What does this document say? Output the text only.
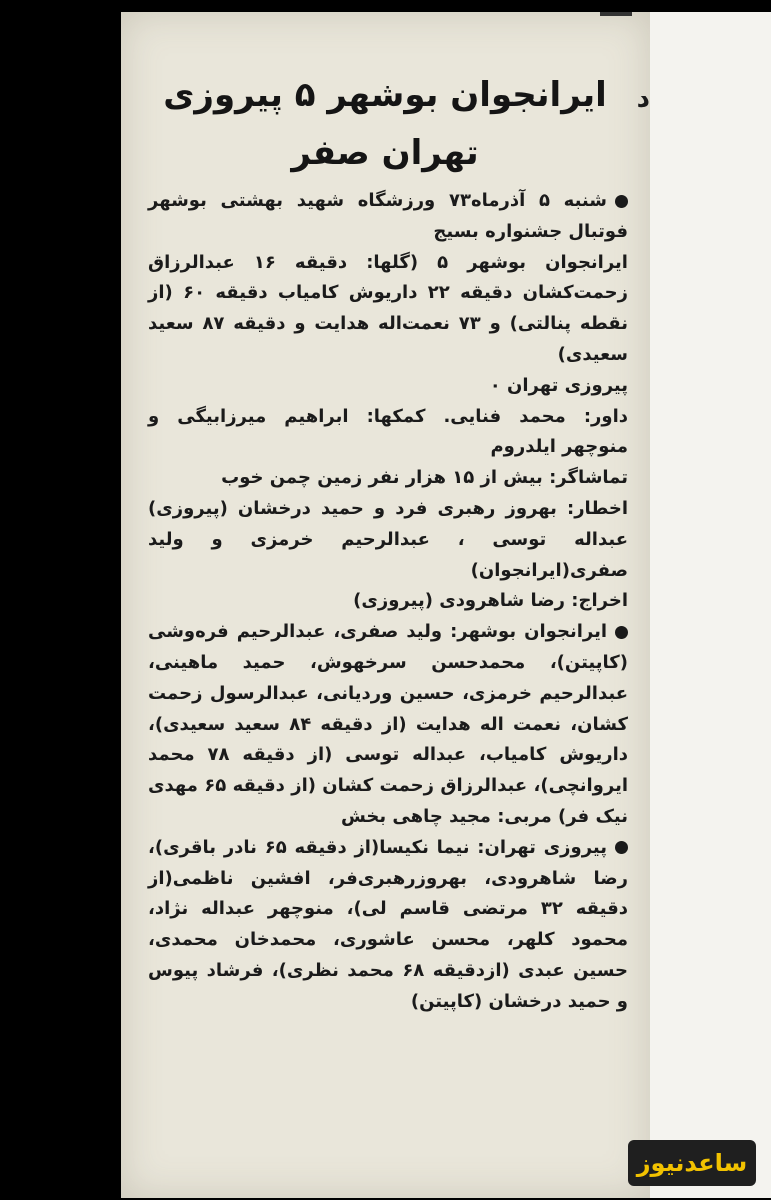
د
ایرانجوان بوشهر ۵ پیروزی
تهران صفر

شنبه ۵ آذرماه۷۳ ورزشگاه شهید بهشتی بوشهر فوتبال جشنواره بسیج

ایرانجوان بوشهر ۵ (گلها: دقیقه ۱۶ عبدالرزاق زحمت‌کشان دقیقه ۲۲ داریوش کامیاب دقیقه ۶۰ (از نقطه پنالتی) و ۷۳ نعمت‌اله هدایت و دقیقه ۸۷ سعید سعیدی)

پیروزی تهران ۰

داور: محمد فنایی. کمکها: ابراهیم میرزابیگی و منوچهر ایلدروم

تماشاگر: بیش از ۱۵ هزار نفر زمین چمن خوب

اخطار: بهروز رهبری فرد و حمید درخشان (پیروزی) عبداله توسی ، عبدالرحیم خرمزی و ولید صفری(ایرانجوان)

اخراج: رضا شاهرودی (پیروزی)

ایرانجوان بوشهر: ولید صفری، عبدالرحیم فره‌وشی (کاپیتن)، محمدحسن سرخهوش، حمید ماهینی، عبدالرحیم خرمزی، حسین وردیانی، عبدالرسول زحمت کشان، نعمت اله هدایت (از دقیقه ۸۴ سعید سعیدی)، داریوش کامیاب، عبداله توسی (از دقیقه ۷۸ محمد ایروانچی)، عبدالرزاق زحمت کشان (از دقیقه ۶۵ مهدی نیک فر) مربی: مجید چاهی بخش

پیروزی تهران: نیما نکیسا(از دقیقه ۶۵ نادر باقری)، رضا شاهرودی، بهروزرهبری‌فر، افشین ناظمی(از دقیقه ۳۲ مرتضی قاسم لی)، منوچهر عبداله نژاد، محمود کلهر، محسن عاشوری، محمدخان محمدی، حسین عبدی (ازدقیقه ۶۸ محمد نظری)، فرشاد پیوس و حمید درخشان (کاپیتن)

ساعدنیوز
